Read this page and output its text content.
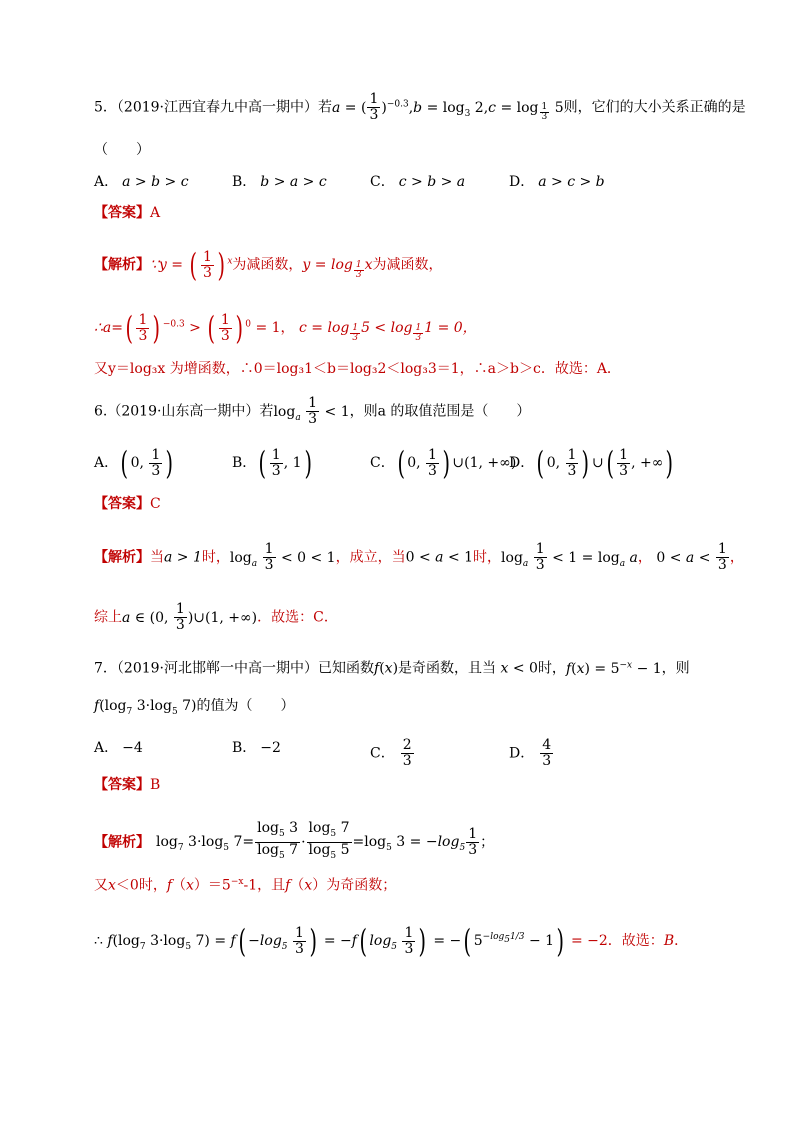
5．（2019·江西宜春九中高一期中）若a = ( $\frac{1}{3} )^{-0.3},b = \log_3 2,c = \log _{\frac{1}{3}}$ 5则，它们的大小关系正确的是
（　　）
A． a > b > c	B． b > a > c	C． c > b > a	D． a > c > b
【答案】A
【解析】∵y = ( $\frac{1}{3}$ ) $^x$为减函数，y = log $_{\frac{1}{3}}$ x为减函数，
∴a=( $\frac{1}{3}$ ) $^{-0.3}$ > ( $\frac{1}{3}$ ) $^0$ = 1， c = log $_{\frac{1}{3}}$ 5 < log $_{\frac{1}{3}}$ 1 = 0，
又y＝log₃x 为增函数，∴0＝log₃1＜b＝log₃2＜log₃3＝1，∴a＞b＞c．故选：A．
6.（2019·山东高一期中）若$\log_a \frac{1}{3} < 1$，则a 的取值范围是（　　）
A．( 0, $\frac{1}{3}$ )	B．( $\frac{1}{3}$ , 1)	C．( 0, $\frac{1}{3}$ ) ∪(1, +∞)
D．( 0, $\frac{1}{3}$ ) ∪( $\frac{1}{3}$ , +∞)
【答案】C
【解析】当a > 1时，$\log_a \frac{1}{3} < 0 < 1$，成立，当0 < a < 1时，$\log_a \frac{1}{3} < 1 = \log_a a$， $0 < a < \frac{1}{3}$ ，
综上a ∈ (0, $\frac{1}{3}$ )∪(1, +∞)．故选：C．
7．（2019·河北邯郸一中高一期中）已知函数f(x)是奇函数，且当 x < 0时，$f(x) = 5^{-x} - 1$，则
$f(\log_7$ $3\cdot\log_5$ 7)的值为（　　）
A． −4	B． −2	C． $\frac{2}{3}$	D． $\frac{4}{3}$
【答案】B
【解析】 $\log_7 3\cdot\log_5$ $7= \frac{\log_5 3}{\log_5 7} \cdot \frac{\log_5 7}{\log_5 5} =\log_5$ $3 = -\log_5 \frac{1}{3}$ ；
又x＜0时，$f(x)=5^{-x}-1$，且f（x）为奇函数；
∴ $f(\log_7$ $3\cdot\log_5$ $7) = f( -\log_5 \frac{1}{3}$ ) = −f( $\log_5 \frac{1}{3}$ ) = −( $5^{-log_51/3} - 1) = -2$．故选：B．
